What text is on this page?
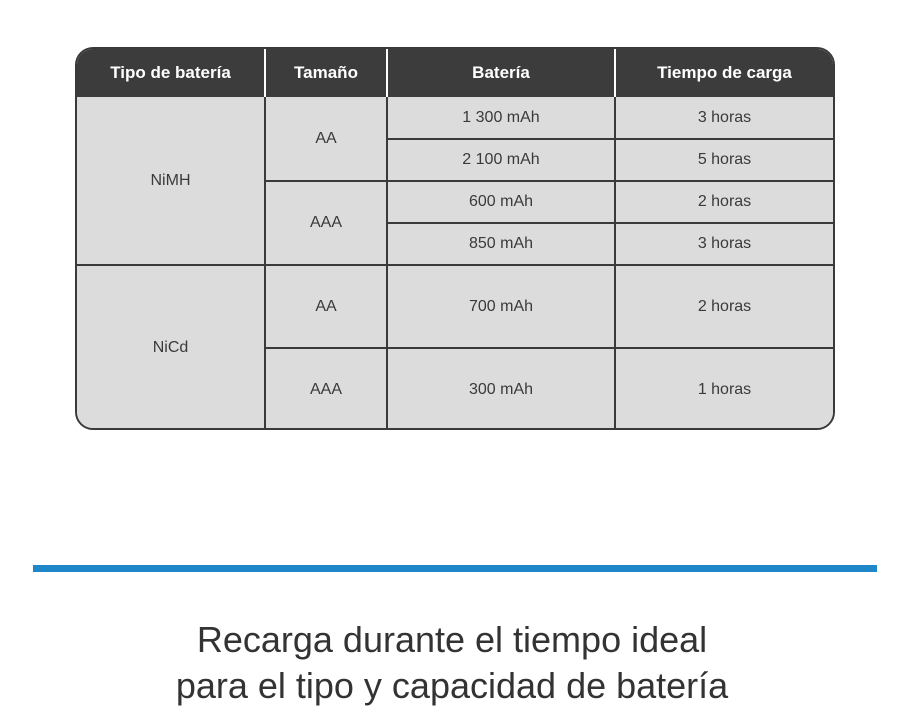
Tipo de batería	Tamaño	Batería	Tiempo de carga
NiMH	AA	1 300 mAh	3 horas
		2 100 mAh	5 horas
	AAA	600 mAh	2 horas
		850 mAh	3 horas
NiCd	AA	700 mAh	2 horas
	AAA	300 mAh	1 horas
Recarga durante el tiempo ideal
para el tipo y capacidad de batería
